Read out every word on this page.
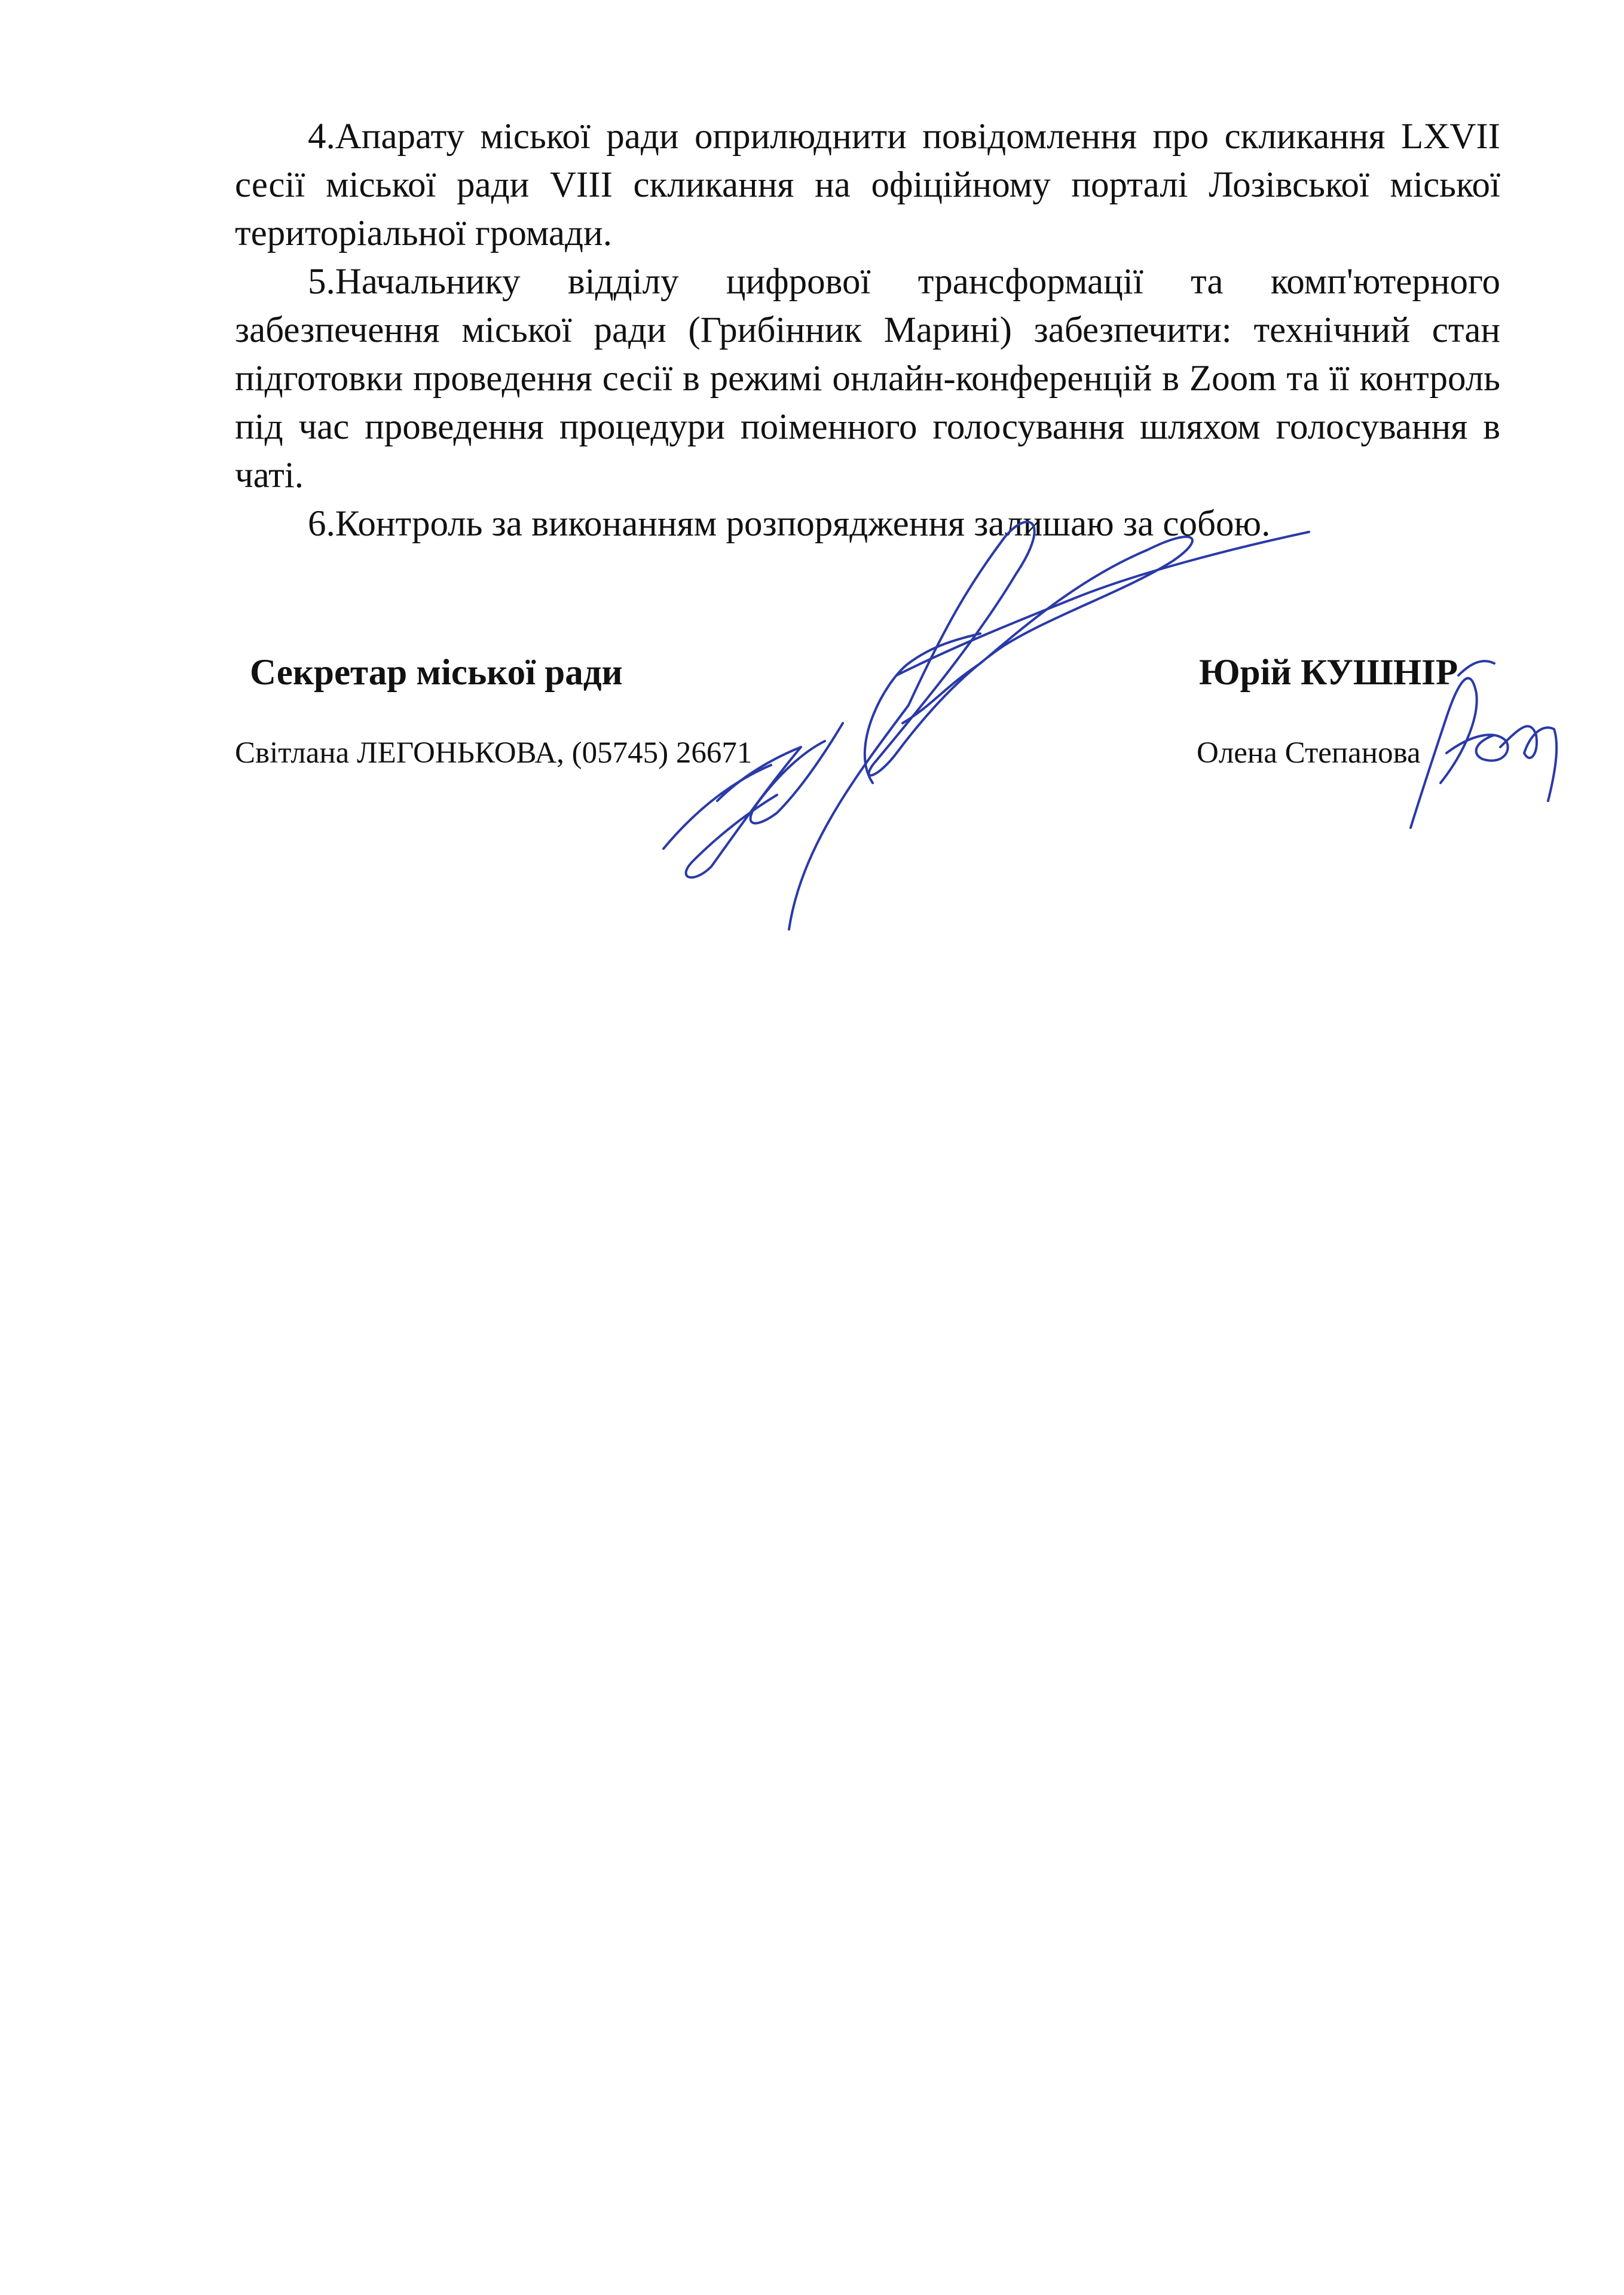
4.Апарату міської ради оприлюднити повідомлення про скликання LXVII сесії міської ради VIII скликання на офіційному порталі Лозівської міської територіальної громади.

5.Начальнику відділу цифрової трансформації та комп'ютерного забезпечення міської ради (Грибінник Марині) забезпечити: технічний стан підготовки проведення сесії в режимі онлайн-конференцій в Zoom та її контроль під час проведення процедури поіменного голосування шляхом голосування в чаті.

6.Контроль за виконанням розпорядження залишаю за собою.

Секретар міської ради	Юрій КУШНІР
Світлана ЛЕГОНЬКОВА, (05745) 26671	Олена Степанова
